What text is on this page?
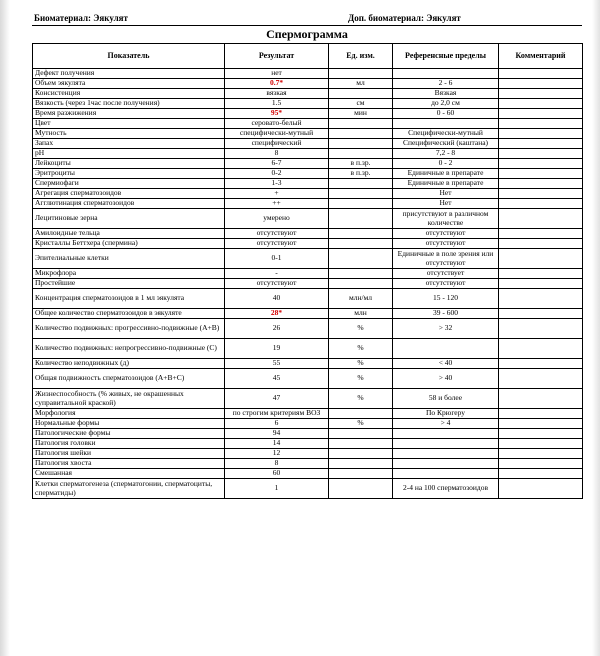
Биоматериал: Эякулят	Доп. биоматериал: Эякулят
Спермограмма
Показатель	Результат	Ед. изм.	Референсные пределы	Комментарий
Дефект получения	нет			
Объем эякулята	0.7*	мл	2 - 6	
Консистенция	вязкая		Вязкая	
Вязкость (через 1час после получения)	1.5	см	до 2,0 см	
Время разжижения	95*	мин	0 - 60	
Цвет	серовато-белый			
Мутность	специфически-мутный		Специфически-мутный	
Запах	специфический		Специфический (каштана)	
pH	8		7,2 - 8	
Лейкоциты	6-7	в п.зр.	0 - 2	
Эритроциты	0-2	в п.зр.	Единичные в препарате	
Спермиофаги	1-3		Единичные в препарате	
Агрегация сперматозоидов	+		Нет	
Агглютинация сперматозоидов	++		Нет	
Лецитиновые зерна	умерено		присутствуют в различном количестве	
Амилоидные тельца	отсутствуют		отсутствуют	
Кристаллы Беттхера (спермина)	отсутствуют		отсутствуют	
Эпителиальные клетки	0-1		Единичные в поле зрения или отсутствуют	
Микрофлора	-		отсутствует	
Простейшие	отсутствуют		отсутствуют	
Концентрация сперматозоидов в 1 мл эякулята	40	млн/мл	15 - 120	
Общее количество сперматозоидов в эякуляте	28*	млн	39 - 600	
Количество подвижных: прогрессивно-подвижные (A+B)	26	%	> 32	
Количество подвижных: непрогрессивно-подвижные (C)	19	%		
Количество неподвижных (д)	55	%	< 40	
Общая подвижность сперматозоидов (A+B+C)	45	%	> 40	
Жизнеспособность (% живых, не окрашенных суправитальной краской)	47	%	58 и более	
Морфология	по строгим критериям ВОЗ		По Крюгеру	
Нормальные формы	6	%	> 4	
Патологические формы	94			
Патология головки	14			
Патология шейки	12			
Патология хвоста	8			
Смешанная	60			
Клетки сперматогенеза (сперматогонии, сперматоциты, сперматиды)	1		2-4 на 100 сперматозоидов	
